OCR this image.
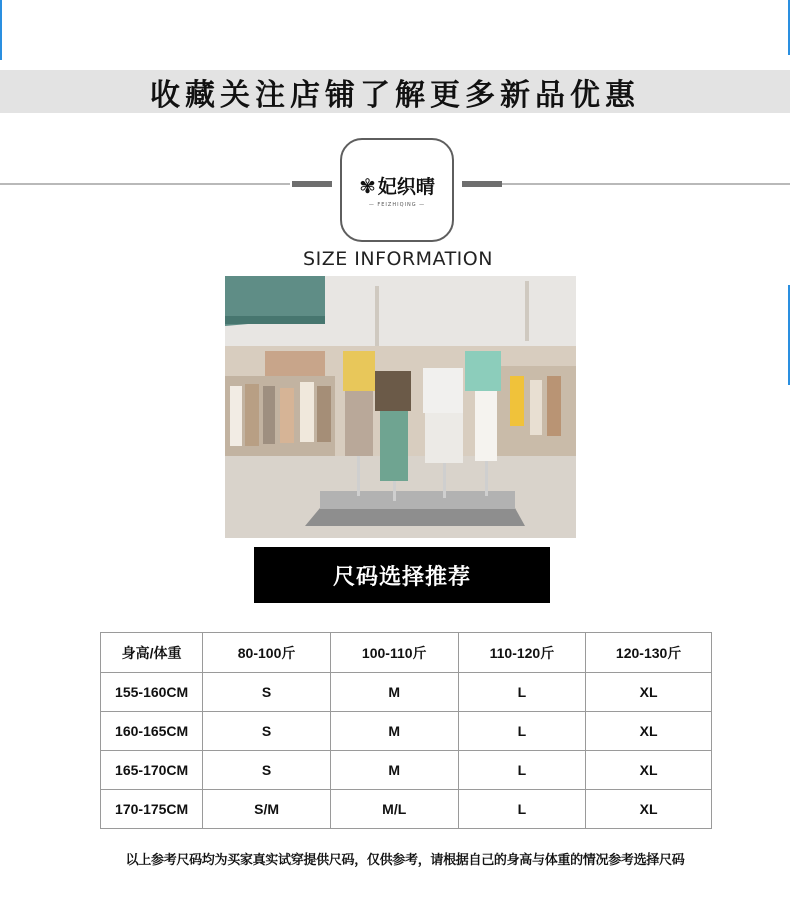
收藏关注店铺了解更多新品优惠
✾ 妃织晴
— FEIZHIQING —
SIZE INFORMATION
尺码选择推荐
身高/体重	80-100斤	100-110斤	110-120斤	120-130斤
155-160CM	S	M	L	XL
160-165CM	S	M	L	XL
165-170CM	S	M	L	XL
170-175CM	S/M	M/L	L	XL
以上参考尺码均为买家真实试穿提供尺码，仅供参考，请根据自己的身高与体重的情况参考选择尺码
